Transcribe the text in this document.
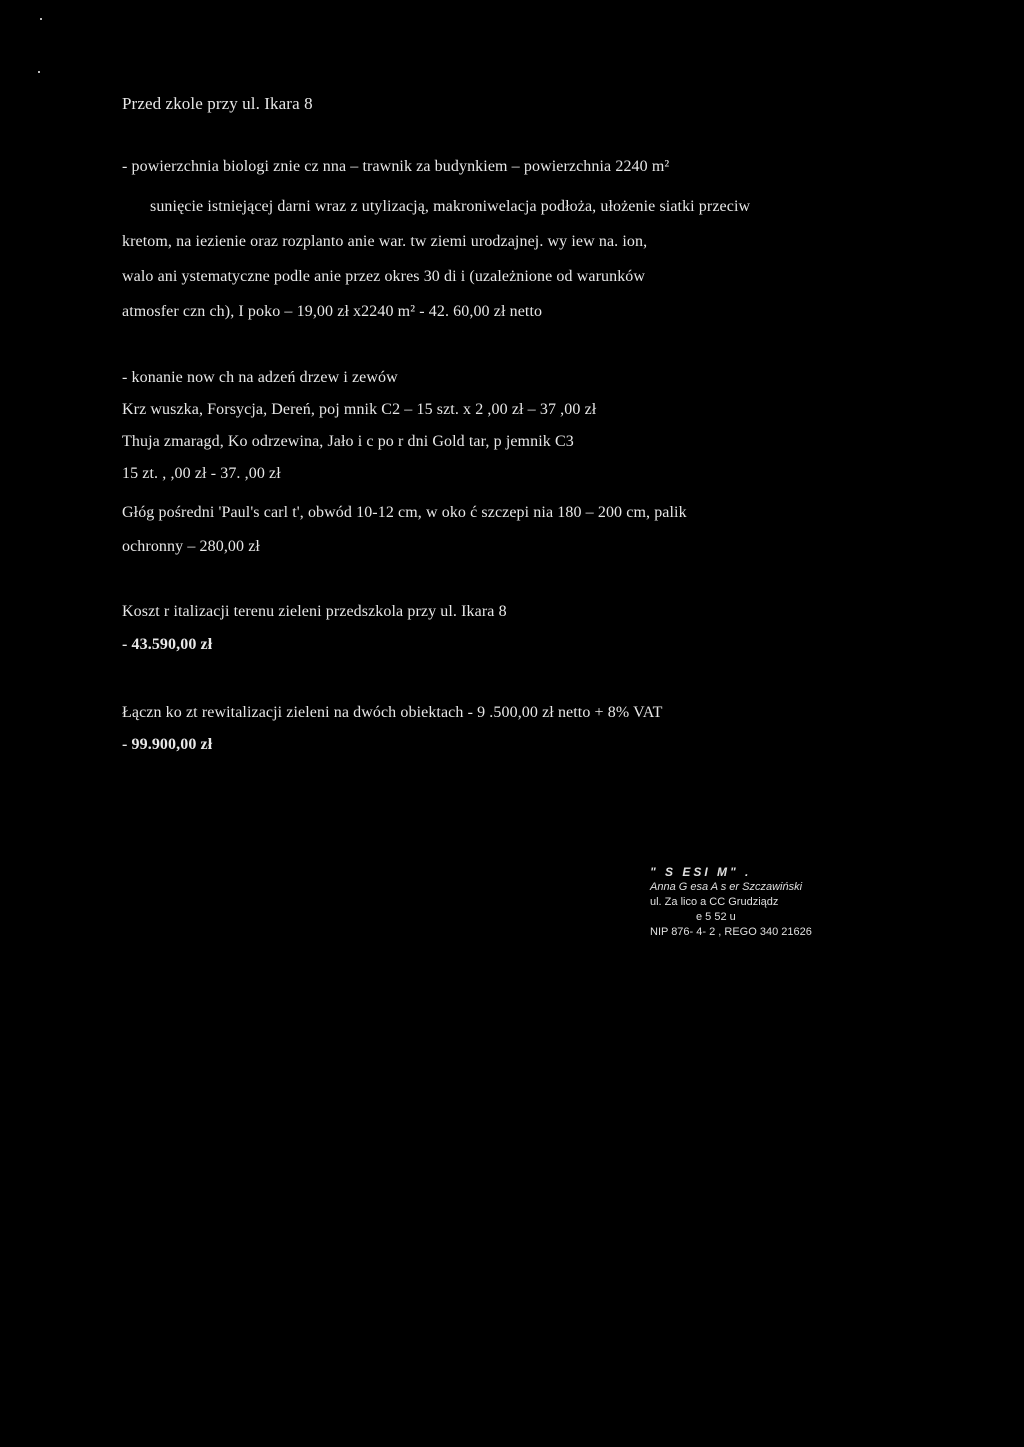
Przed zkole przy ul. Ikara 8
- powierzchnia biologi znie cz nna – trawnik za budynkiem – powierzchnia 2240 m²
sunięcie istniejącej darni wraz z utylizacją, makroniwelacja podłoża, ułożenie siatki przeciw
kretom, na iezienie oraz rozplanto anie war. tw ziemi urodzajnej. wy iew na. ion,
walo ani ystematyczne podle anie przez okres 30 di i (uzależnione od warunków
atmosfer czn ch), I poko – 19,00 zł x2240 m² - 42. 60,00 zł netto
- konanie now ch na adzeń drzew i zewów
Krz wuszka, Forsycja, Dereń, poj mnik C2 – 15 szt. x 2 ,00 zł – 37 ,00 zł
Thuja zmaragd, Ko odrzewina, Jało i c po r dni Gold tar, p jemnik C3
15 zt. , ,00 zł - 37. ,00 zł
Głóg pośredni 'Paul's carl t', obwód 10-12 cm, w oko ć szczepi nia 180 – 200 cm, palik
ochronny – 280,00 zł
Koszt r italizacji terenu zieleni przedszkola przy ul. Ikara 8
- 43.590,00 zł
Łączn ko zt rewitalizacji zieleni na dwóch obiektach - 9 .500,00 zł netto + 8% VAT
- 99.900,00 zł
" S ESI M" .
Anna G esa A s er Szczawiński
ul. Za lico a CC Grudziądz
e 5 52 u
NIP 876- 4- 2 , REGO 340 21626
